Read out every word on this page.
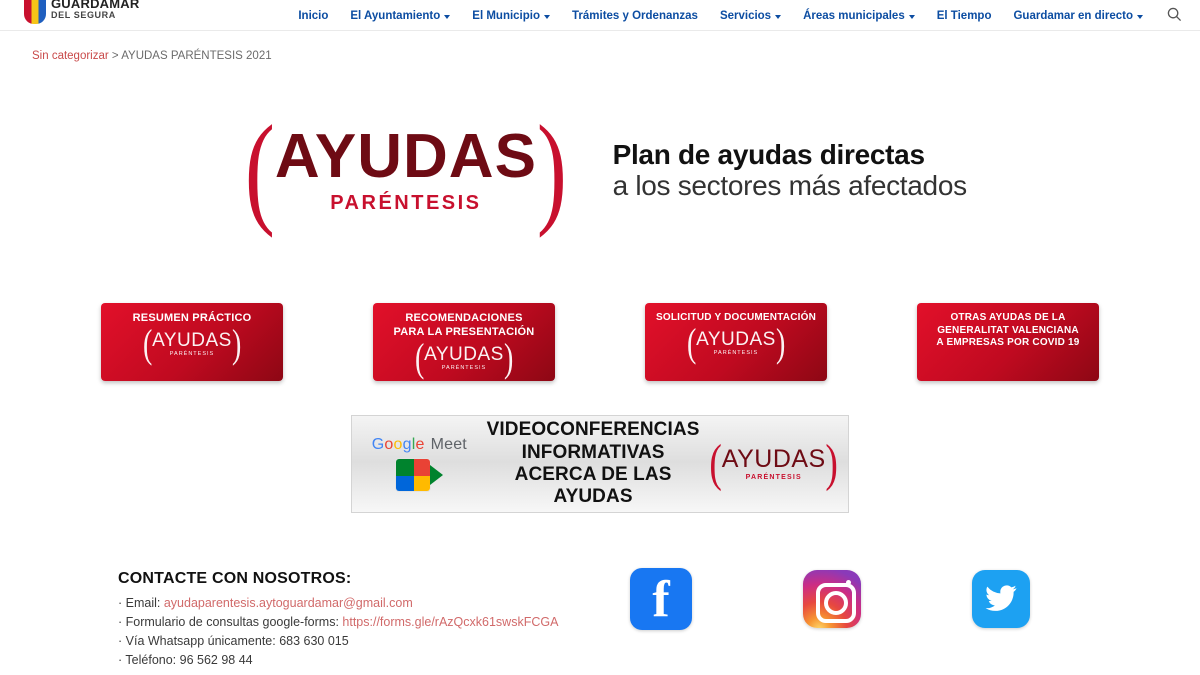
GUARDAMAR
DEL SEGURA	Inicio El Ayuntamiento	El Municipio	Trámites y Ordenanzas Servicios	Áreas municipales	El Tiempo Guardamar en directo
Sin categorizar > AYUDAS PARÉNTESIS 2021
( AYUDAS
PARÉNTESIS ) Plan de ayudas directas
a los sectores más afectados
RESUMEN PRÁCTICO
( AYUDAS
PARÉNTESIS )
RECOMENDACIONES
PARA LA PRESENTACIÓN
( AYUDAS
PARÉNTESIS )
SOLICITUD Y DOCUMENTACIÓN
( AYUDAS
PARÉNTESIS )
OTRAS AYUDAS DE LA
GENERALITAT VALENCIANA
A EMPRESAS POR COVID 19
Google Meet
VIDEOCONFERENCIAS
INFORMATIVAS
ACERCA DE LAS AYUDAS
( AYUDAS
PARÉNTESIS )
CONTACTE CON NOSOTROS:

· Email: ayudaparentesis.aytoguardamar@gmail.com

· Formulario de consultas google-forms: https://forms.gle/rAzQcxk61swskFCGA

· Vía Whatsapp únicamente: 683 630 015

· Teléfono: 96 562 98 44

f
